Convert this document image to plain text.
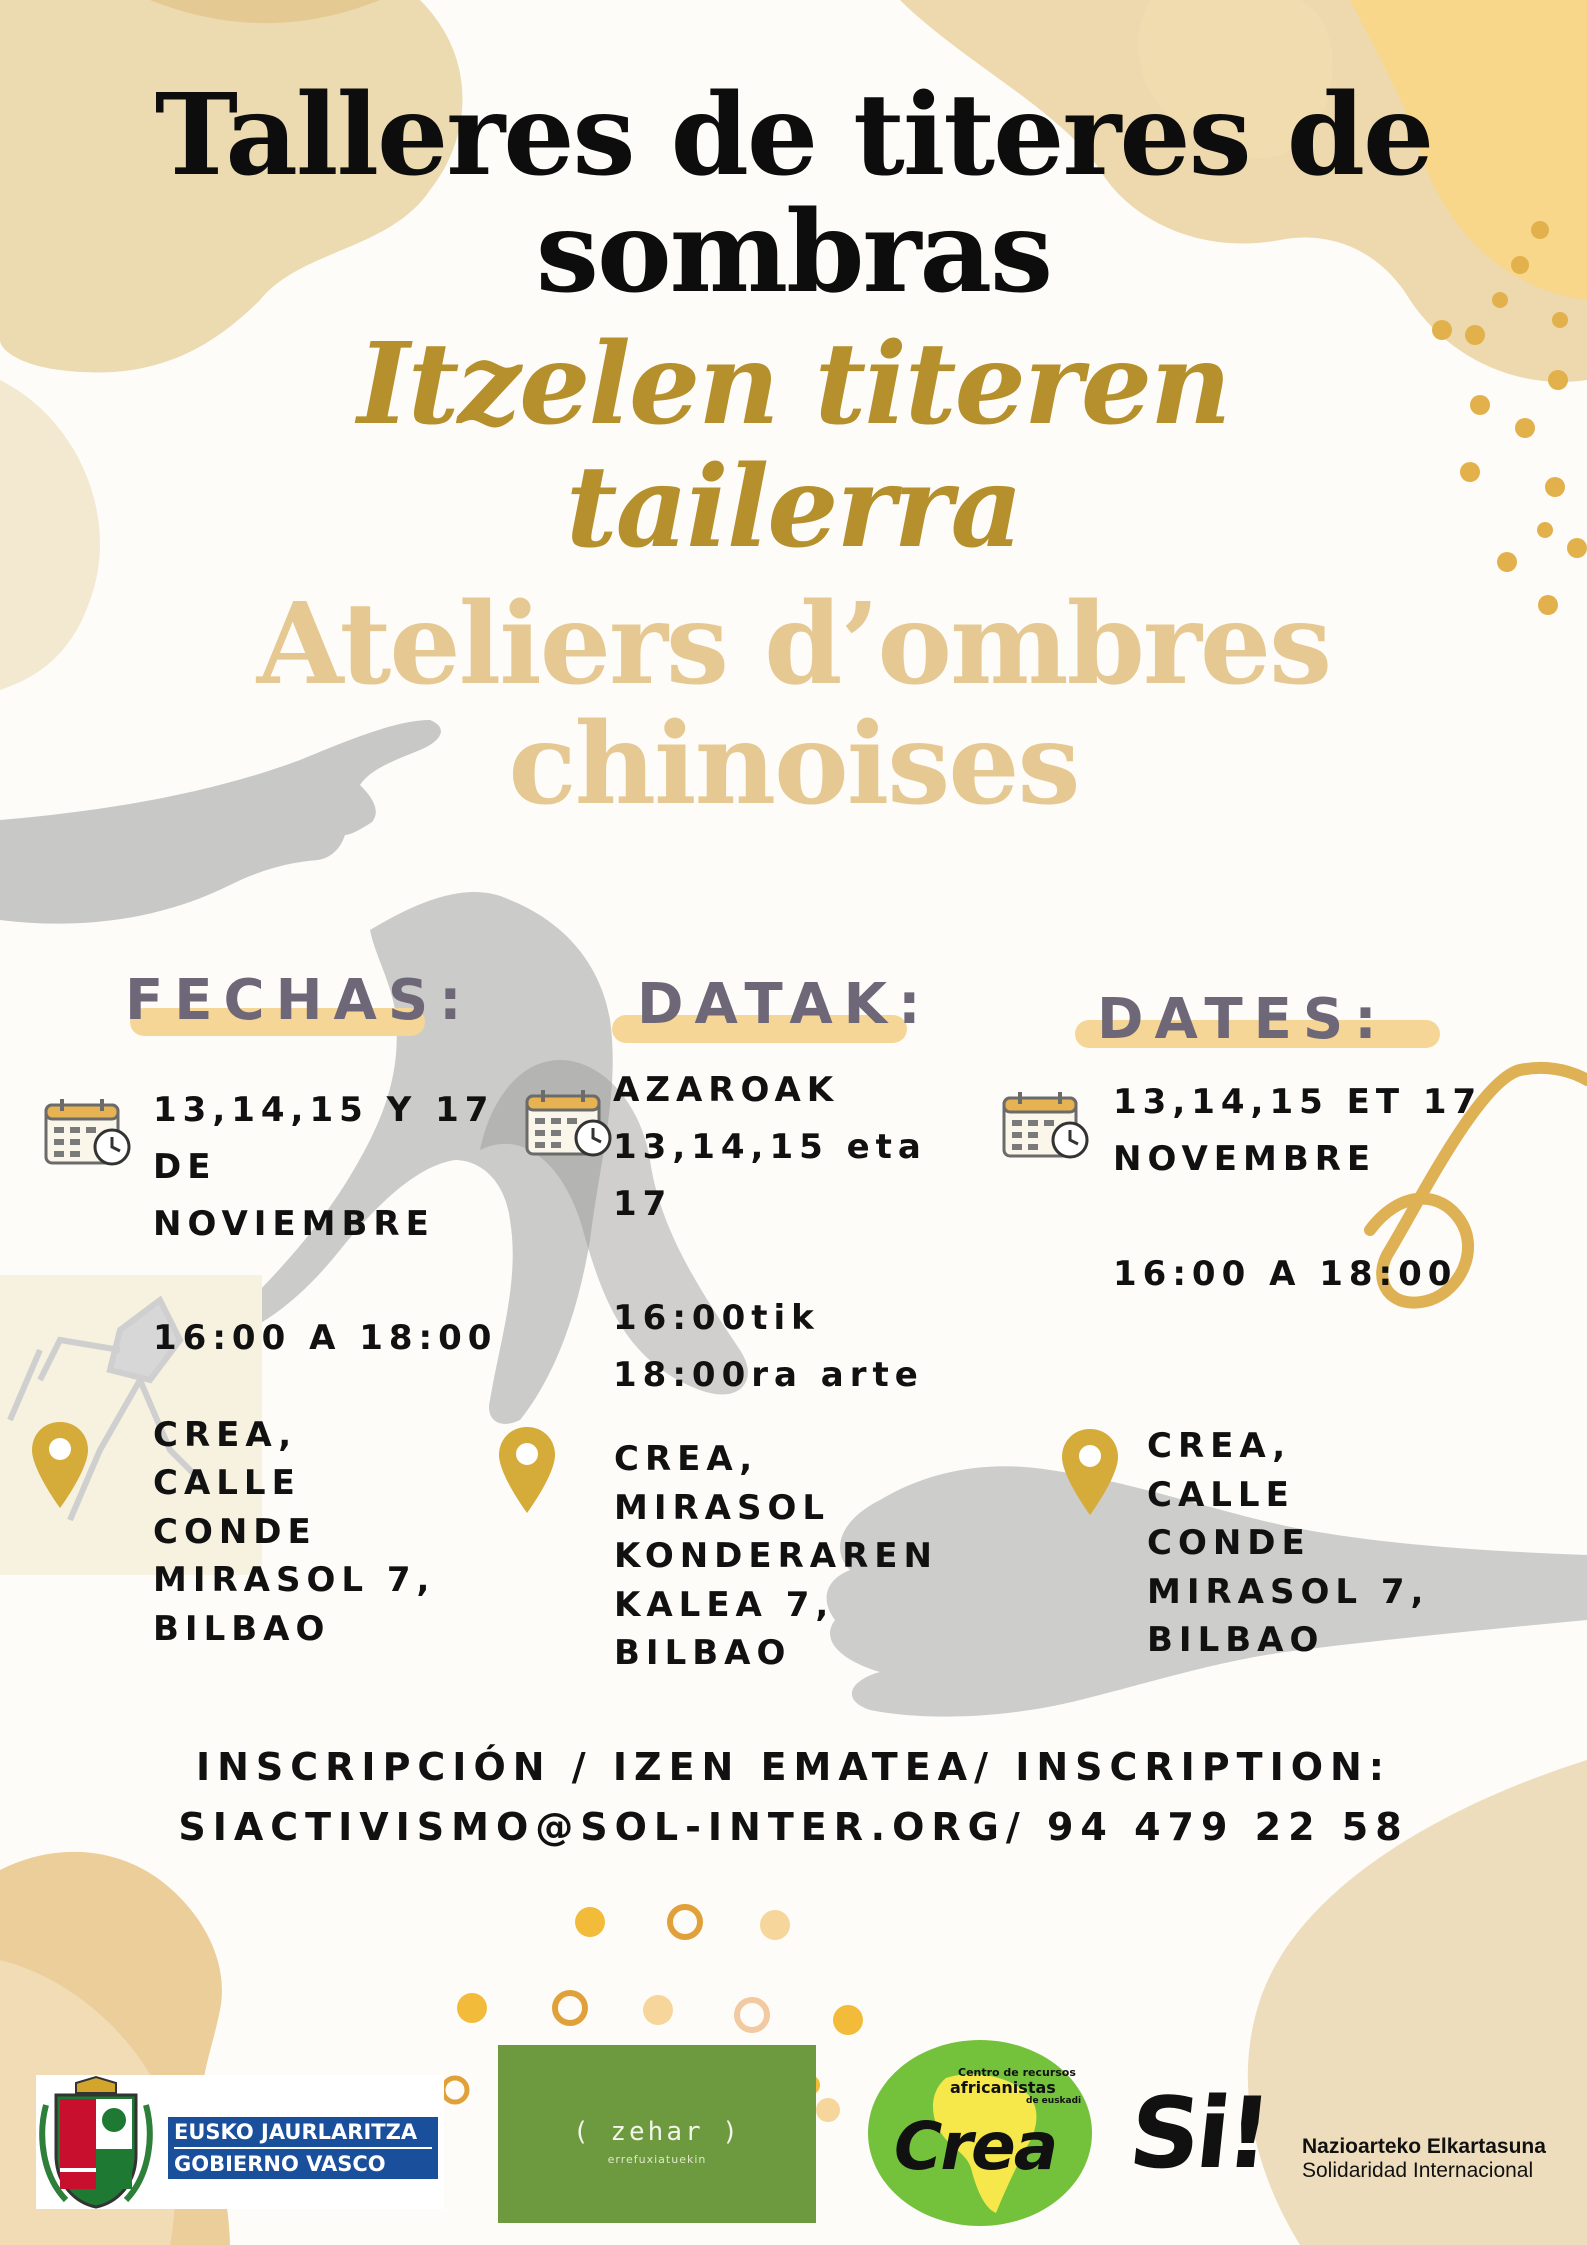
Talleres de titeres de
sombras
Itzelen titeren
tailerra
Ateliers d’ombres
chinoises
FECHAS:	DATAK:	DATES:
13,14,15 Y 17
DE
NOVIEMBRE
16:00 A 18:00
CREA,
CALLE
CONDE
MIRASOL 7,
BILBAO
AZAROAK
13,14,15 eta
17
16:00tik
18:00ra arte
CREA,
MIRASOL
KONDERAREN
KALEA 7,
BILBAO
13,14,15 ET 17
NOVEMBRE
16:00 A 18:00
CREA,
CALLE
CONDE
MIRASOL 7,
BILBAO
INSCRIPCIÓN / IZEN EMATEA/ INSCRIPTION:
SIACTIVISMO@SOL-INTER.ORG/ 94 479 22 58
EUSKO JAURLARITZA
GOBIERNO VASCO
( zehar )
errefuxiatuekin
Centro de recursos
africanistas
de euskadi
Crea Si! Nazioarteko Elkartasuna
Solidaridad Internacional
